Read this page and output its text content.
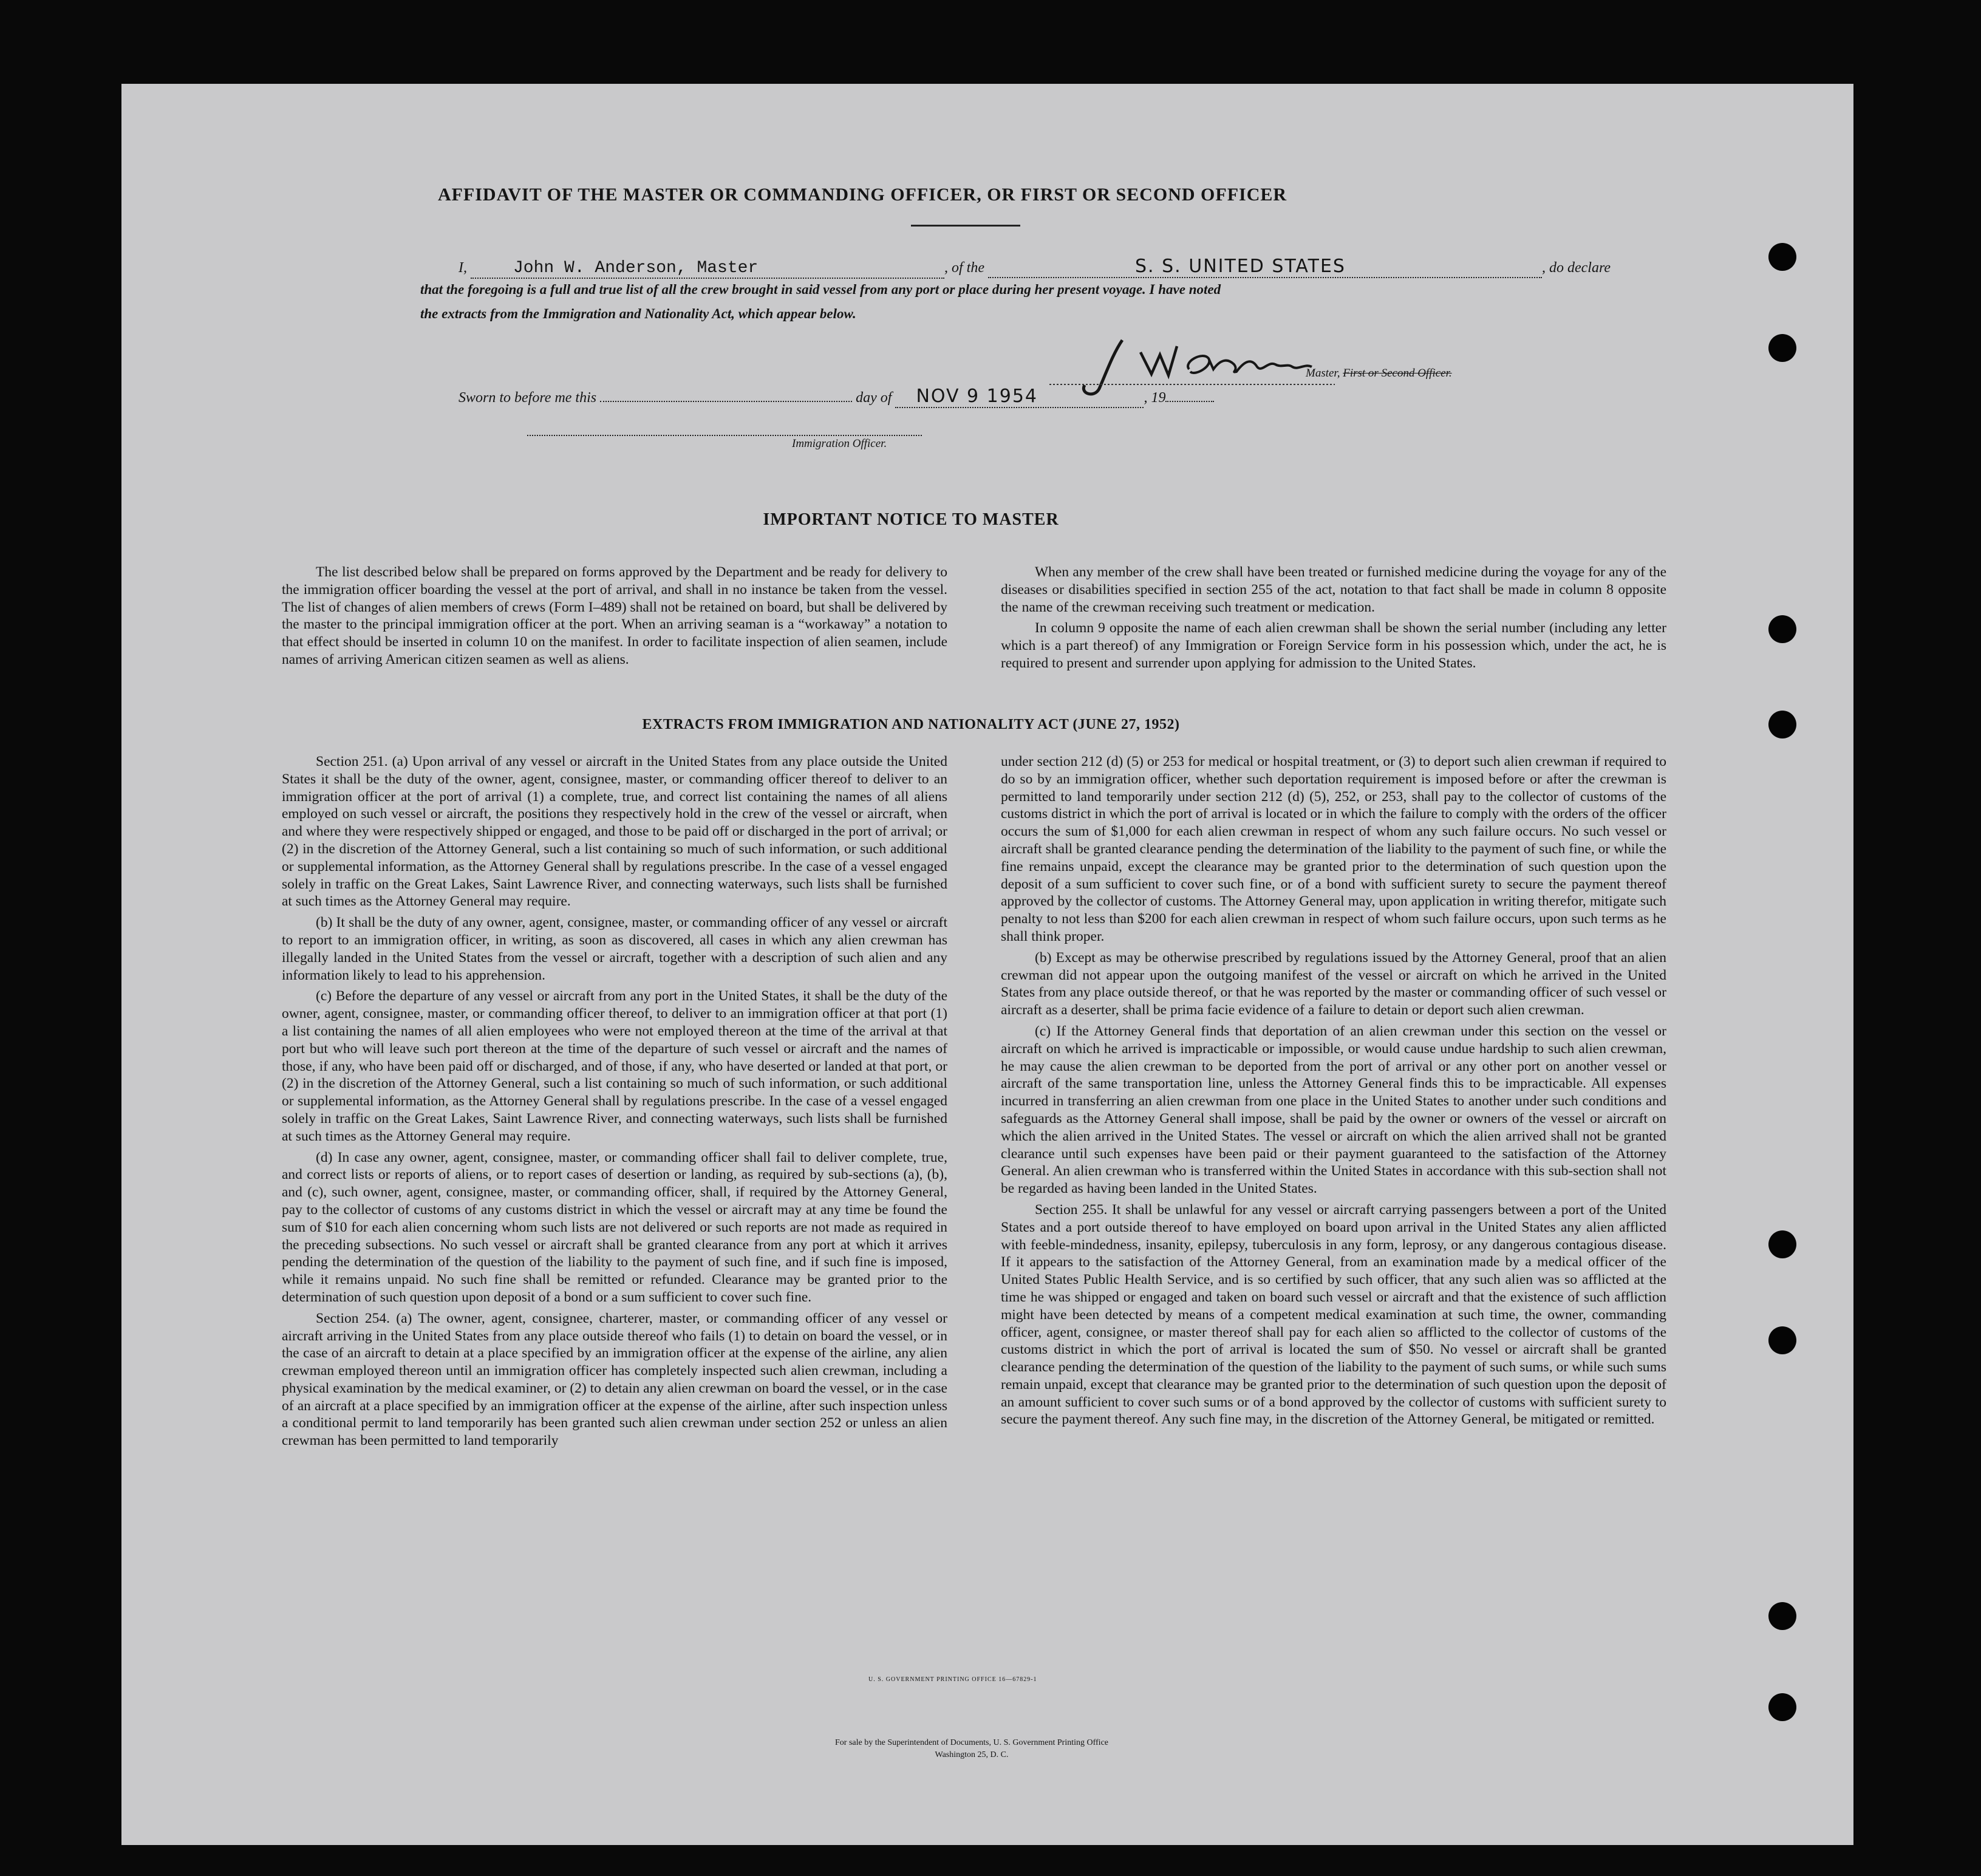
AFFIDAVIT OF THE MASTER OR COMMANDING OFFICER, OR FIRST OR SECOND OFFICER
I,	John W. Anderson, Master	, of the	S. S. UNITED STATES	, do declare
that the foregoing is a full and true list of all the crew brought in said vessel from any port or place during her present voyage. I have noted
the extracts from the Immigration and Nationality Act, which appear below.
Master, First or Second Officer.
Sworn to before me this	day of NOV 9 1954	, 19
Immigration Officer.
IMPORTANT NOTICE TO MASTER

The list described below shall be prepared on forms approved by the Department and be ready for delivery to the immigration officer boarding the vessel at the port of arrival, and shall in no instance be taken from the vessel. The list of changes of alien members of crews (Form I–489) shall not be retained on board, but shall be delivered by the master to the principal immigration officer at the port. When an arriving seaman is a “workaway” a notation to that effect should be inserted in column 10 on the manifest. In order to facilitate inspection of alien seamen, include names of arriving American citizen seamen as well as aliens.

When any member of the crew shall have been treated or furnished medicine during the voyage for any of the diseases or disabilities specified in section 255 of the act, notation to that fact shall be made in column 8 opposite the name of the crewman receiving such treatment or medication.

In column 9 opposite the name of each alien crewman shall be shown the serial number (including any letter which is a part thereof) of any Immigration or Foreign Service form in his possession which, under the act, he is required to present and surrender upon applying for admission to the United States.

EXTRACTS FROM IMMIGRATION AND NATIONALITY ACT (JUNE 27, 1952)

Section 251. (a) Upon arrival of any vessel or aircraft in the United States from any place outside the United States it shall be the duty of the owner, agent, consignee, master, or commanding officer thereof to deliver to an immigration officer at the port of arrival (1) a complete, true, and correct list containing the names of all aliens employed on such vessel or aircraft, the positions they respectively hold in the crew of the vessel or aircraft, when and where they were respectively shipped or engaged, and those to be paid off or discharged in the port of arrival; or (2) in the discretion of the Attorney General, such a list containing so much of such information, or such additional or supplemental information, as the Attorney General shall by regulations prescribe. In the case of a vessel engaged solely in traffic on the Great Lakes, Saint Lawrence River, and connecting waterways, such lists shall be furnished at such times as the Attorney General may require.

(b) It shall be the duty of any owner, agent, consignee, master, or commanding officer of any vessel or aircraft to report to an immigration officer, in writing, as soon as discovered, all cases in which any alien crewman has illegally landed in the United States from the vessel or aircraft, together with a description of such alien and any information likely to lead to his apprehension.

(c) Before the departure of any vessel or aircraft from any port in the United States, it shall be the duty of the owner, agent, consignee, master, or commanding officer thereof, to deliver to an immigration officer at that port (1) a list containing the names of all alien employees who were not employed thereon at the time of the arrival at that port but who will leave such port thereon at the time of the departure of such vessel or aircraft and the names of those, if any, who have been paid off or discharged, and of those, if any, who have deserted or landed at that port, or (2) in the discretion of the Attorney General, such a list containing so much of such information, or such additional or supplemental information, as the Attorney General shall by regulations prescribe. In the case of a vessel engaged solely in traffic on the Great Lakes, Saint Lawrence River, and connecting waterways, such lists shall be furnished at such times as the Attorney General may require.

(d) In case any owner, agent, consignee, master, or commanding officer shall fail to deliver complete, true, and correct lists or reports of aliens, or to report cases of desertion or landing, as required by sub-sections (a), (b), and (c), such owner, agent, consignee, master, or commanding officer, shall, if required by the Attorney General, pay to the collector of customs of any customs district in which the vessel or aircraft may at any time be found the sum of $10 for each alien concerning whom such lists are not delivered or such reports are not made as required in the preceding subsections. No such vessel or aircraft shall be granted clearance from any port at which it arrives pending the determination of the question of the liability to the payment of such fine, and if such fine is imposed, while it remains unpaid. No such fine shall be remitted or refunded. Clearance may be granted prior to the determination of such question upon deposit of a bond or a sum sufficient to cover such fine.

Section 254. (a) The owner, agent, consignee, charterer, master, or commanding officer of any vessel or aircraft arriving in the United States from any place outside thereof who fails (1) to detain on board the vessel, or in the case of an aircraft to detain at a place specified by an immigration officer at the expense of the airline, any alien crewman employed thereon until an immigration officer has completely inspected such alien crewman, including a physical examination by the medical examiner, or (2) to detain any alien crewman on board the vessel, or in the case of an aircraft at a place specified by an immigration officer at the expense of the airline, after such inspection unless a conditional permit to land temporarily has been granted such alien crewman under section 252 or unless an alien crewman has been permitted to land temporarily

under section 212 (d) (5) or 253 for medical or hospital treatment, or (3) to deport such alien crewman if required to do so by an immigration officer, whether such deportation requirement is imposed before or after the crewman is permitted to land temporarily under section 212 (d) (5), 252, or 253, shall pay to the collector of customs of the customs district in which the port of arrival is located or in which the failure to comply with the orders of the officer occurs the sum of $1,000 for each alien crewman in respect of whom any such failure occurs. No such vessel or aircraft shall be granted clearance pending the determination of the liability to the payment of such fine, or while the fine remains unpaid, except the clearance may be granted prior to the determination of such question upon the deposit of a sum sufficient to cover such fine, or of a bond with sufficient surety to secure the payment thereof approved by the collector of customs. The Attorney General may, upon application in writing therefor, mitigate such penalty to not less than $200 for each alien crewman in respect of whom such failure occurs, upon such terms as he shall think proper.

(b) Except as may be otherwise prescribed by regulations issued by the Attorney General, proof that an alien crewman did not appear upon the outgoing manifest of the vessel or aircraft on which he arrived in the United States from any place outside thereof, or that he was reported by the master or commanding officer of such vessel or aircraft as a deserter, shall be prima facie evidence of a failure to detain or deport such alien crewman.

(c) If the Attorney General finds that deportation of an alien crewman under this section on the vessel or aircraft on which he arrived is impracticable or impossible, or would cause undue hardship to such alien crewman, he may cause the alien crewman to be deported from the port of arrival or any other port on another vessel or aircraft of the same transportation line, unless the Attorney General finds this to be impracticable. All expenses incurred in transferring an alien crewman from one place in the United States to another under such conditions and safeguards as the Attorney General shall impose, shall be paid by the owner or owners of the vessel or aircraft on which the alien arrived in the United States. The vessel or aircraft on which the alien arrived shall not be granted clearance until such expenses have been paid or their payment guaranteed to the satisfaction of the Attorney General. An alien crewman who is transferred within the United States in accordance with this sub-section shall not be regarded as having been landed in the United States.

Section 255. It shall be unlawful for any vessel or aircraft carrying passengers between a port of the United States and a port outside thereof to have employed on board upon arrival in the United States any alien afflicted with feeble-mindedness, insanity, epilepsy, tuberculosis in any form, leprosy, or any dangerous contagious disease. If it appears to the satisfaction of the Attorney General, from an examination made by a medical officer of the United States Public Health Service, and is so certified by such officer, that any such alien was so afflicted at the time he was shipped or engaged and taken on board such vessel or aircraft and that the existence of such affliction might have been detected by means of a competent medical examination at such time, the owner, commanding officer, agent, consignee, or master thereof shall pay for each alien so afflicted to the collector of customs of the customs district in which the port of arrival is located the sum of $50. No vessel or aircraft shall be granted clearance pending the determination of the question of the liability to the payment of such sums, or while such sums remain unpaid, except that clearance may be granted prior to the determination of such question upon the deposit of an amount sufficient to cover such sums or of a bond approved by the collector of customs with sufficient surety to secure the payment thereof. Any such fine may, in the discretion of the Attorney General, be mitigated or remitted.

U. S. GOVERNMENT PRINTING OFFICE 16—67829-1
For sale by the Superintendent of Documents, U. S. Government Printing Office
Washington 25, D. C.
